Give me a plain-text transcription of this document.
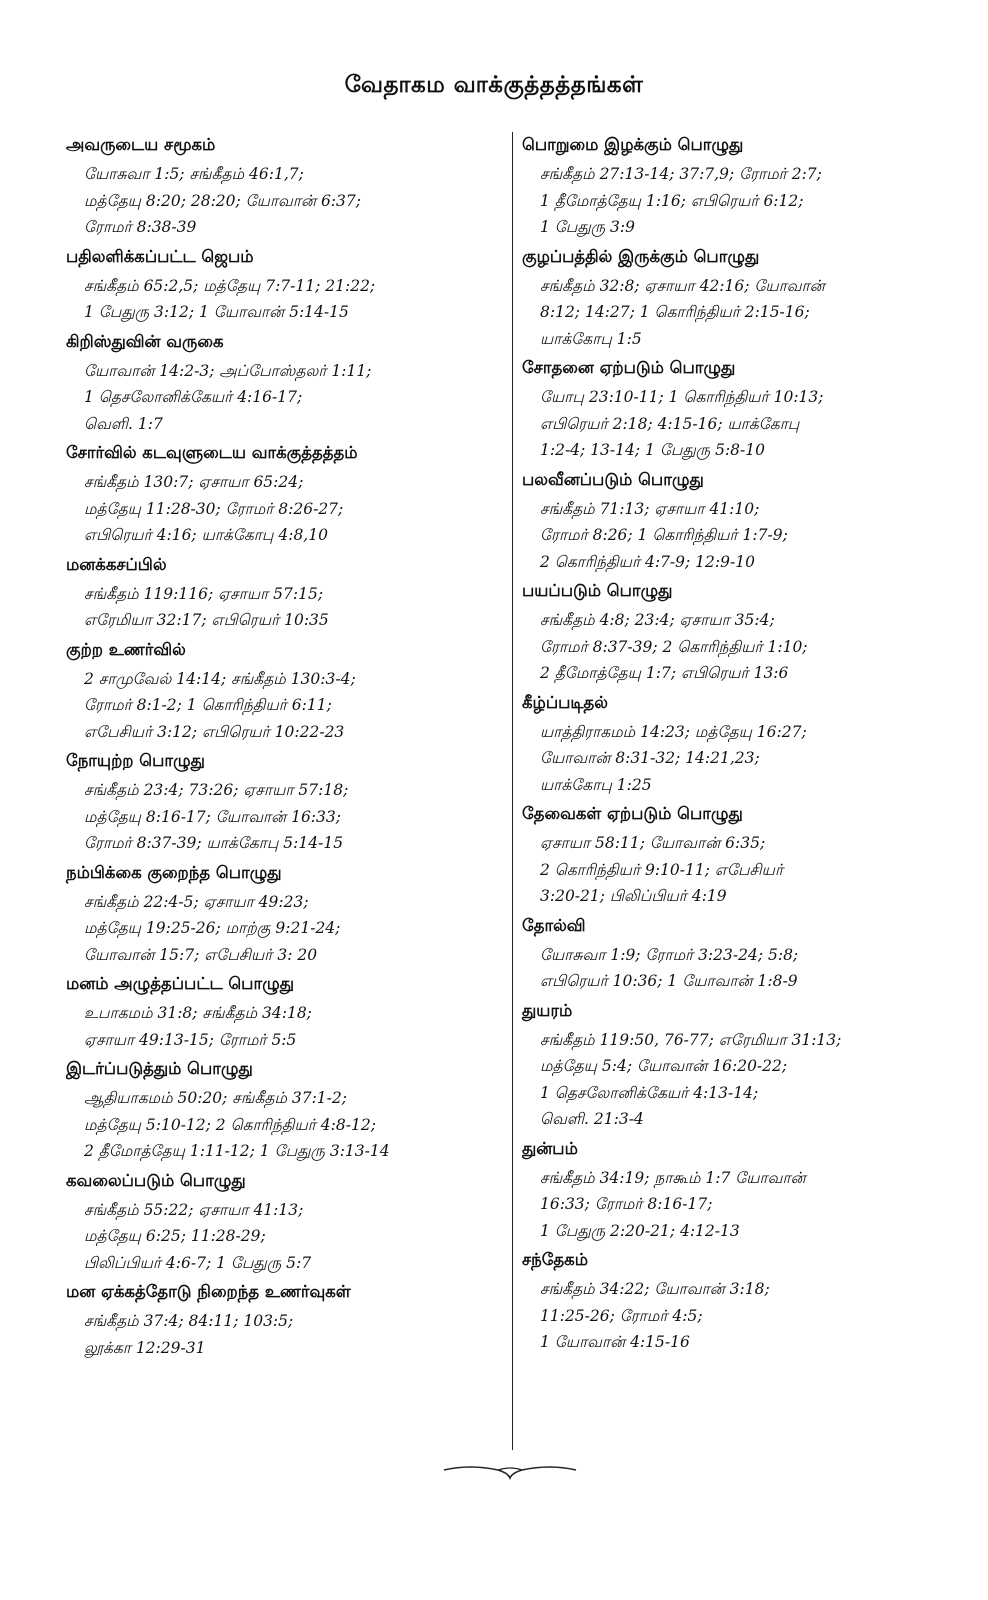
வேதாகம வாக்குத்தத்தங்கள்
அவருடைய சமூகம்
யோசுவா 1:5; சங்கீதம் 46:1,7;
மத்தேயு 8:20; 28:20; யோவான் 6:37;
ரோமர் 8:38-39
பதிலளிக்கப்பட்ட ஜெபம்
சங்கீதம் 65:2,5; மத்தேயு 7:7-11; 21:22;
1 பேதுரு 3:12; 1 யோவான் 5:14-15
கிறிஸ்துவின் வருகை
யோவான் 14:2-3; அப்போஸ்தலர் 1:11;
1 தெசலோனிக்கேயர் 4:16-17;
வெளி. 1:7
சோர்வில் கடவுளுடைய வாக்குத்தத்தம்
சங்கீதம் 130:7; ஏசாயா 65:24;
மத்தேயு 11:28-30; ரோமர் 8:26-27;
எபிரெயர் 4:16; யாக்கோபு 4:8,10
மனக்கசப்பில்
சங்கீதம் 119:116; ஏசாயா 57:15;
எரேமியா 32:17; எபிரெயர் 10:35
குற்ற உணர்வில்
2 சாமுவேல் 14:14; சங்கீதம் 130:3-4;
ரோமர் 8:1-2; 1 கொரிந்தியர் 6:11;
எபேசியர் 3:12; எபிரெயர் 10:22-23
நோயுற்ற பொழுது
சங்கீதம் 23:4; 73:26; ஏசாயா 57:18;
மத்தேயு 8:16-17; யோவான் 16:33;
ரோமர் 8:37-39; யாக்கோபு 5:14-15
நம்பிக்கை குறைந்த பொழுது
சங்கீதம் 22:4-5; ஏசாயா 49:23;
மத்தேயு 19:25-26; மாற்கு 9:21-24;
யோவான் 15:7; எபேசியர் 3: 20
மனம் அழுத்தப்பட்ட பொழுது
உபாகமம் 31:8; சங்கீதம் 34:18;
ஏசாயா 49:13-15; ரோமர் 5:5
இடர்ப்படுத்தும் பொழுது
ஆதியாகமம் 50:20; சங்கீதம் 37:1-2;
மத்தேயு 5:10-12; 2 கொரிந்தியர் 4:8-12;
2 தீமோத்தேயு 1:11-12; 1 பேதுரு 3:13-14
கவலைப்படும் பொழுது
சங்கீதம் 55:22; ஏசாயா 41:13;
மத்தேயு 6:25; 11:28-29;
பிலிப்பியர் 4:6-7; 1 பேதுரு 5:7
மன ஏக்கத்தோடு நிறைந்த உணர்வுகள்
சங்கீதம் 37:4; 84:11; 103:5;
லூக்கா 12:29-31
பொறுமை இழக்கும் பொழுது
சங்கீதம் 27:13-14; 37:7,9; ரோமர் 2:7;
1 தீமோத்தேயு 1:16; எபிரெயர் 6:12;
1 பேதுரு 3:9
குழப்பத்தில் இருக்கும் பொழுது
சங்கீதம் 32:8; ஏசாயா 42:16; யோவான்
8:12; 14:27; 1 கொரிந்தியர் 2:15-16;
யாக்கோபு 1:5
சோதனை ஏற்படும் பொழுது
யோபு 23:10-11; 1 கொரிந்தியர் 10:13;
எபிரெயர் 2:18; 4:15-16; யாக்கோபு
1:2-4; 13-14; 1 பேதுரு 5:8-10
பலவீனப்படும் பொழுது
சங்கீதம் 71:13; ஏசாயா 41:10;
ரோமர் 8:26; 1 கொரிந்தியர் 1:7-9;
2 கொரிந்தியர் 4:7-9; 12:9-10
பயப்படும் பொழுது
சங்கீதம் 4:8; 23:4; ஏசாயா 35:4;
ரோமர் 8:37-39; 2 கொரிந்தியர் 1:10;
2 தீமோத்தேயு 1:7; எபிரெயர் 13:6
கீழ்ப்படிதல்
யாத்திராகமம் 14:23; மத்தேயு 16:27;
யோவான் 8:31-32; 14:21,23;
யாக்கோபு 1:25
தேவைகள் ஏற்படும் பொழுது
ஏசாயா 58:11; யோவான் 6:35;
2 கொரிந்தியர் 9:10-11; எபேசியர்
3:20-21; பிலிப்பியர் 4:19
தோல்வி
யோசுவா 1:9; ரோமர் 3:23-24; 5:8;
எபிரெயர் 10:36; 1 யோவான் 1:8-9
துயரம்
சங்கீதம் 119:50, 76-77; எரேமியா 31:13;
மத்தேயு 5:4; யோவான் 16:20-22;
1 தெசலோனிக்கேயர் 4:13-14;
வெளி. 21:3-4
துன்பம்
சங்கீதம் 34:19; நாகூம் 1:7 யோவான்
16:33; ரோமர் 8:16-17;
1 பேதுரு 2:20-21; 4:12-13
சந்தேகம்
சங்கீதம் 34:22; யோவான் 3:18;
11:25-26; ரோமர் 4:5;
1 யோவான் 4:15-16
